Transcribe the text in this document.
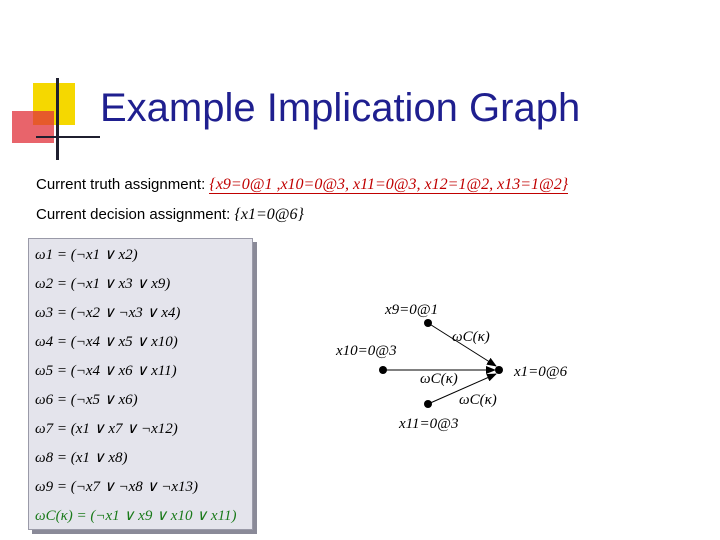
Example Implication Graph
Current truth assignment: {x9=0@1 ,x10=0@3, x11=0@3, x12=1@2, x13=1@2}
Current decision assignment: {x1=0@6}
ω1 = (¬x1 ∨ x2)
ω2 = (¬x1 ∨ x3 ∨ x9)
ω3 = (¬x2 ∨ ¬x3 ∨ x4)
ω4 = (¬x4 ∨ x5 ∨ x10)
ω5 = (¬x4 ∨ x6 ∨ x11)
ω6 = (¬x5 ∨ x6)
ω7 = (x1 ∨ x7 ∨ ¬x12)
ω8 = (x1 ∨ x8)
ω9 = (¬x7 ∨ ¬x8 ∨ ¬x13)
ωC(κ) = (¬x1 ∨ x9 ∨ x10 ∨ x11)
x9=0@1
x10=0@3
x11=0@3
x1=0@6
ωC(κ)
ωC(κ)
ωC(κ)
